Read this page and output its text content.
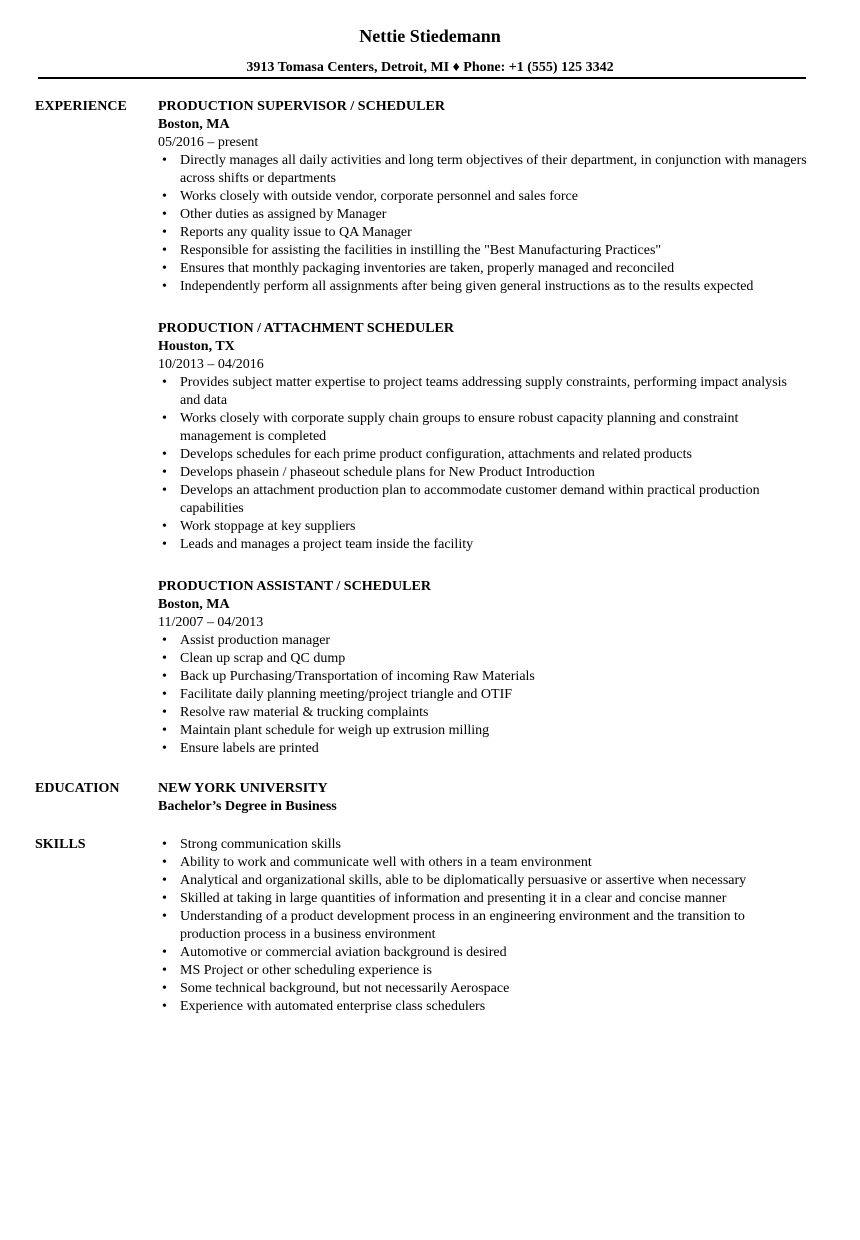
Nettie Stiedemann
3913 Tomasa Centers, Detroit, MI ♦ Phone: +1 (555) 125 3342
EXPERIENCE PRODUCTION SUPERVISOR / SCHEDULER
Boston, MA
05/2016 – present
• Directly manages all daily activities and long term objectives of their department, in conjunction with managers across shifts or departments
• Works closely with outside vendor, corporate personnel and sales force
• Other duties as assigned by Manager
• Reports any quality issue to QA Manager
• Responsible for assisting the facilities in instilling the "Best Manufacturing Practices"
• Ensures that monthly packaging inventories are taken, properly managed and reconciled
• Independently perform all assignments after being given general instructions as to the results expected
PRODUCTION / ATTACHMENT SCHEDULER
Houston, TX
10/2013 – 04/2016
• Provides subject matter expertise to project teams addressing supply constraints, performing impact analysis and data
• Works closely with corporate supply chain groups to ensure robust capacity planning and constraint management is completed
• Develops schedules for each prime product configuration, attachments and related products
• Develops phasein / phaseout schedule plans for New Product Introduction
• Develops an attachment production plan to accommodate customer demand within practical production capabilities
• Work stoppage at key suppliers
• Leads and manages a project team inside the facility
PRODUCTION ASSISTANT / SCHEDULER
Boston, MA
11/2007 – 04/2013
• Assist production manager
• Clean up scrap and QC dump
• Back up Purchasing/Transportation of incoming Raw Materials
• Facilitate daily planning meeting/project triangle and OTIF
• Resolve raw material & trucking complaints
• Maintain plant schedule for weigh up extrusion milling
• Ensure labels are printed
EDUCATION	NEW YORK UNIVERSITY
Bachelor’s Degree in Business
SKILLS
•	Strong communication skills
• Ability to work and communicate well with others in a team environment
• Analytical and organizational skills, able to be diplomatically persuasive or assertive when necessary
• Skilled at taking in large quantities of information and presenting it in a clear and concise manner
• Understanding of a product development process in an engineering environment and the transition to production process in a business environment
• Automotive or commercial aviation background is desired
• MS Project or other scheduling experience is
• Some technical background, but not necessarily Aerospace
• Experience with automated enterprise class schedulers
